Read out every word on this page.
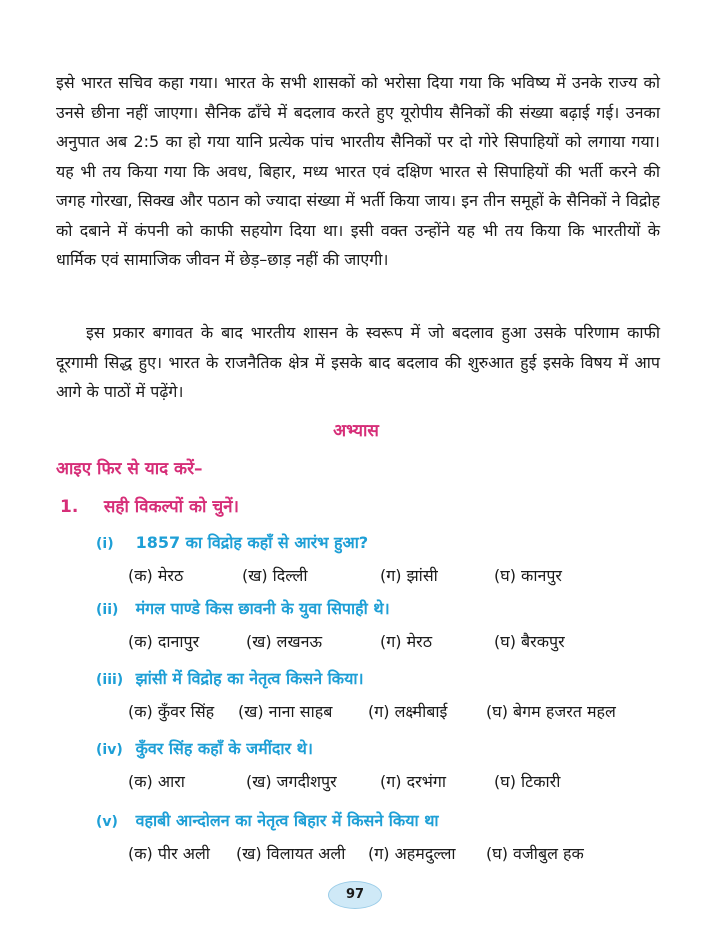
इसे भारत सचिव कहा गया। भारत के सभी शासकों को भरोसा दिया गया कि भविष्य में उनके राज्य को उनसे छीना नहीं जाएगा। सैनिक ढाँचे में बदलाव करते हुए यूरोपीय सैनिकों की संख्या बढ़ाई गई। उनका अनुपात अब 2:5 का हो गया यानि प्रत्येक पांच भारतीय सैनिकों पर दो गोरे सिपाहियों को लगाया गया। यह भी तय किया गया कि अवध, बिहार, मध्य भारत एवं दक्षिण भारत से सिपाहियों की भर्ती करने की जगह गोरखा, सिक्ख और पठान को ज्यादा संख्या में भर्ती किया जाय। इन तीन समूहों के सैनिकों ने विद्रोह को दबाने में कंपनी को काफी सहयोग दिया था। इसी वक्त उन्होंने यह भी तय किया कि भारतीयों के धार्मिक एवं सामाजिक जीवन में छेड़–छाड़ नहीं की जाएगी।

इस प्रकार बगावत के बाद भारतीय शासन के स्वरूप में जो बदलाव हुआ उसके परिणाम काफी दूरगामी सिद्ध हुए। भारत के राजनैतिक क्षेत्र में इसके बाद बदलाव की शुरुआत हुई इसके विषय में आप आगे के पाठों में पढ़ेंगे।

अभ्यास
आइए फिर से याद करें–
1. सही विकल्पों को चुनें।
(i) 1857 का विद्रोह कहाँ से आरंभ हुआ?
(क) मेरठ	(ख) दिल्ली	(ग) झांसी	(घ) कानपुर
(ii) मंगल पाण्डे किस छावनी के युवा सिपाही थे।
(क) दानापुर	(ख) लखनऊ	(ग) मेरठ	(घ) बैरकपुर
(iii) झांसी में विद्रोह का नेतृत्व किसने किया।
(क) कुँवर सिंह (ख) नाना साहब (ग) लक्ष्मीबाई (घ) बेगम हजरत महल
(iv) कुँवर सिंह कहाँ के जमींदार थे।
(क) आरा	(ख) जगदीशपुर	(ग) दरभंगा	(घ) टिकारी
(v) वहाबी आन्दोलन का नेतृत्व बिहार में किसने किया था
(क) पीर अली (ख) विलायत अली (ग) अहमदुल्ला (घ) वजीबुल हक
97
